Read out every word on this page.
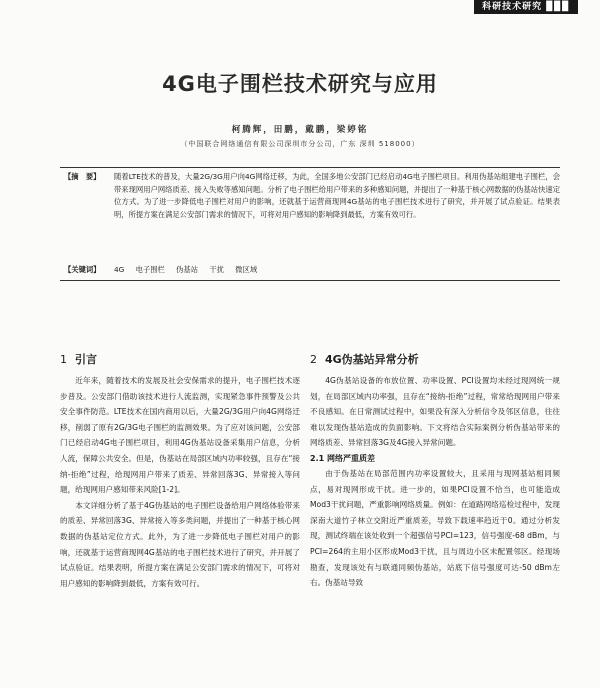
科研技术研究 ▉▉▉
4G电子围栏技术研究与应用
柯腾辉，田鹏，戴鹏，梁婷铭
（中国联合网络通信有限公司深圳市分公司，广东 深圳 518000）
【摘　要】 随着LTE技术的普及，大量2G/3G用户向4G网络迁移，为此，全国多地公安部门已经启动4G电子围栏项目。利用伪基站组建电子围栏，会带来现网用户网络质差、接入失败等感知问题。分析了电子围栏给用户带来的多种感知问题，并提出了一种基于核心网数据的伪基站快速定位方式。为了进一步降低电子围栏对用户的影响，还就基于运营商现网4G基站的电子围栏技术进行了研究，并开展了试点验证。结果表明，所提方案在满足公安部门需求的情况下，可将对用户感知的影响降到最低，方案有效可行。
【关键词】 4G 电子围栏 伪基站 干扰 微区域
1 引言

近年来，随着技术的发展及社会安保需求的提升，电子围栏技术逐步普及。公安部门借助该技术进行人流监测，实现紧急事件预警及公共安全事件防范。LTE技术在国内商用以后，大量2G/3G用户向4G网络迁移，削弱了原有2G/3G电子围栏的监测效果。为了应对该问题，公安部门已经启动4G电子围栏项目，利用4G伪基站设备采集用户信息，分析人流，保障公共安全。但是，伪基站在局部区域内功率较强，且存在“接纳-拒绝”过程，给现网用户带来了质差、异常回落3G、异常接入等问题，给现网用户感知带来风险[1-2]。

本文详细分析了基于4G伪基站的电子围栏设备给用户网络体验带来的质差、异常回落3G、异常接入等多类问题，并提出了一种基于核心网数据的伪基站定位方式。此外，为了进一步降低电子围栏对用户的影响，还就基于运营商现网4G基站的电子围栏技术进行了研究，并开展了试点验证。结果表明，所提方案在满足公安部门需求的情况下，可将对用户感知的影响降到最低，方案有效可行。

2 4G伪基站异常分析

4G伪基站设备的布放位置、功率设置、PCI设置均未经过现网统一规划，在局部区域内功率强，且存在“接纳-拒绝”过程，常常给现网用户带来不良感知。在日常测试过程中，如果没有深入分析信令及邻区信息，往往难以发现伪基站造成的负面影响。下文将结合实际案例分析伪基站带来的网络质差、异常回落3G及4G接入异常问题。

2.1 网络严重质差

由于伪基站在局部范围内功率设置较大，且采用与现网基站相同频点，易对现网形成干扰。进一步的，如果PCI设置不恰当，也可能造成Mod3干扰问题，严重影响网络质量。例如：在道路网络巡检过程中，发现深南大道竹子林立交附近严重质差，导致下载速率趋近于0。通过分析发现，测试终端在该处收到一个超强信号PCI=123，信号强度-68 dBm，与PCI=264的主用小区形成Mod3干扰，且与周边小区未配置邻区。经现场勘查，发现该处有与联通同频伪基站，站底下信号强度可达-50 dBm左右。伪基站导致
